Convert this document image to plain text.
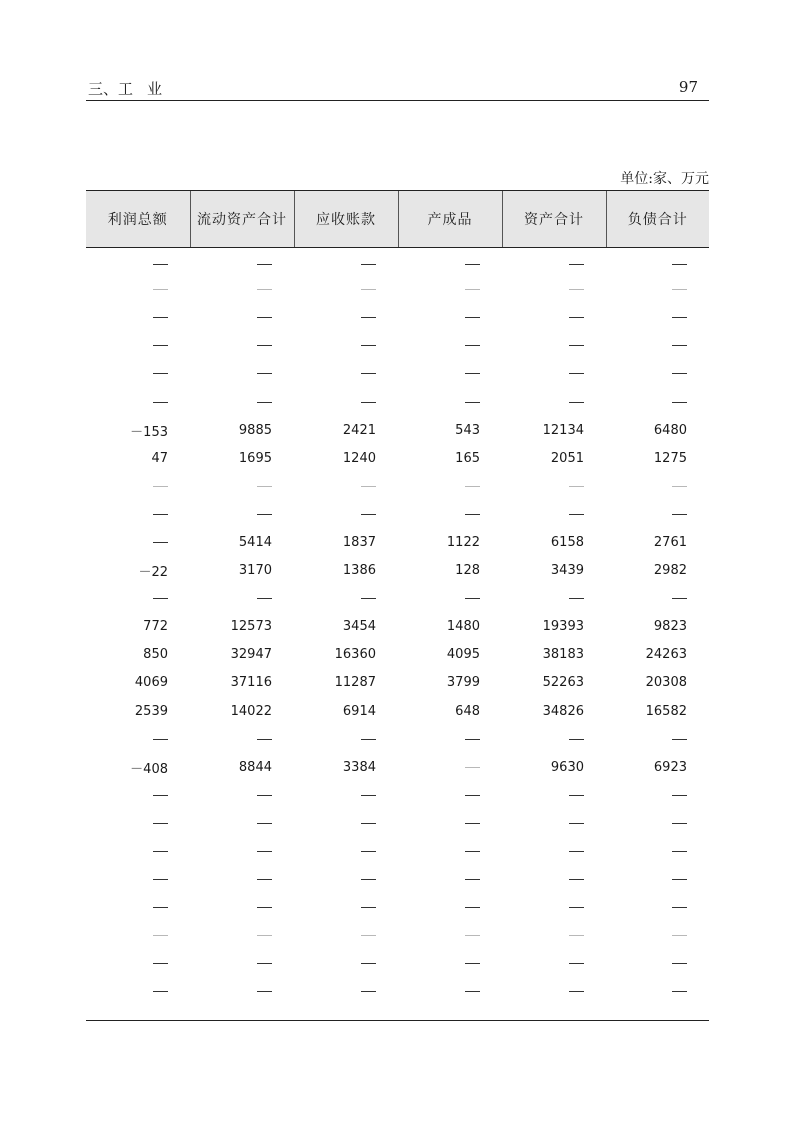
三、工 业	97
单位:家、万元
利润总额	流动资产合计	应收账款	产成品	资产合计	负债合计

－153	9885	2421	543	12134	6480
47	1695	1240	165	2051	1275

	5414	1837	1122	6158	2761
－22	3170	1386	128	3439	2982

772	12573	3454	1480	19393	9823
850	32947	16360	4095	38183	24263
4069	37116	11287	3799	52263	20308
2539	14022	6914	648	34826	16582

－408	8844	3384		9630	6923
